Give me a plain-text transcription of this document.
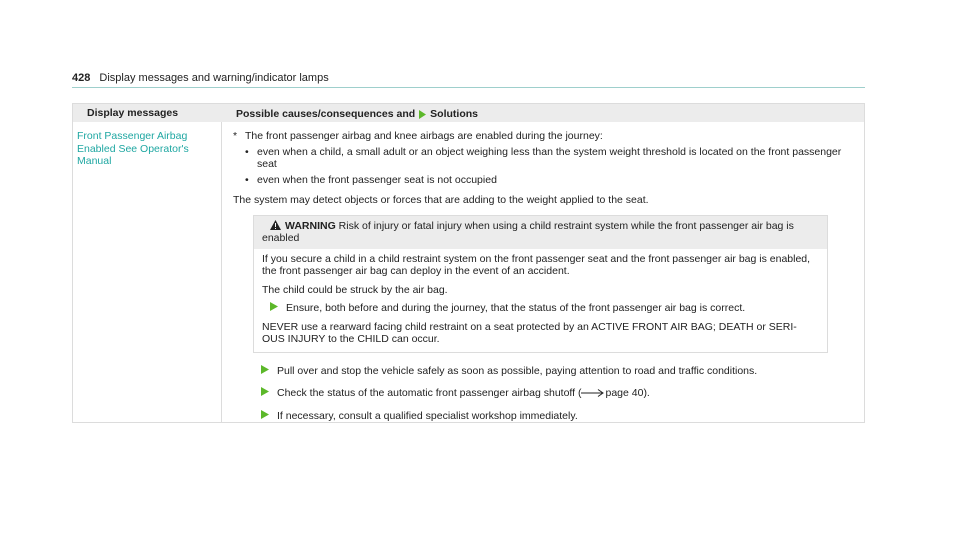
428 Display messages and warning/indicator lamps
Display messages	Possible causes/consequences and Solutions
Front Passenger Airbag Enabled See Operator's Manual
* The front passenger airbag and knee airbags are enabled during the journey:
• even when a child, a small adult or an object weighing less than the system weight threshold is located on the front passenger seat
• even when the front passenger seat is not occupied
The system may detect objects or forces that are adding to the weight applied to the seat.
WARNING Risk of injury or fatal injury when using a child restraint system while the front passenger air bag is enabled

If you secure a child in a child restraint system on the front passenger seat and the front passenger air bag is enabled, the front passenger air bag can deploy in the event of an accident.

The child could be struck by the air bag.

Ensure, both before and during the journey, that the status of the front passenger air bag is correct.

NEVER use a rearward facing child restraint on a seat protected by an ACTIVE FRONT AIR BAG; DEATH or SERI-OUS INJURY to the CHILD can occur.

Pull over and stop the vehicle safely as soon as possible, paying attention to road and traffic conditions.
Check the status of the automatic front passenger airbag shutoff ( page 40).
If necessary, consult a qualified specialist workshop immediately.
